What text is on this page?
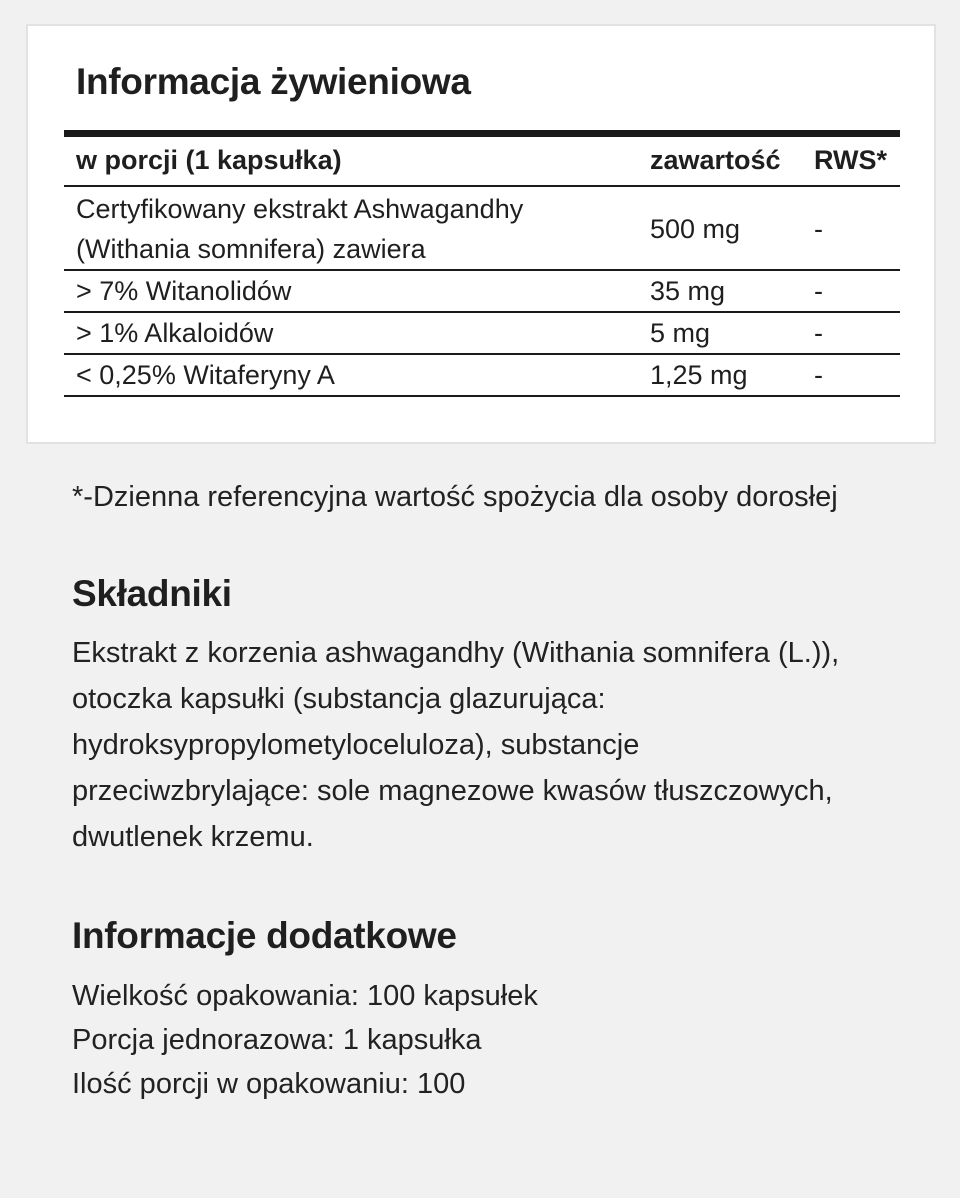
Informacja żywieniowa
w porcji (1 kapsułka)	zawartość	RWS*

Certyfikowany ekstrakt Ashwagandhy
(Withania somnifera) zawiera	500 mg	-
> 7% Witanolidów	35 mg	-
> 1% Alkaloidów	5 mg	-
< 0,25% Witaferyny A	1,25 mg	-

*-Dzienna referencyjna wartość spożycia dla osoby dorosłej

Składniki

Ekstrakt z korzenia ashwagandhy (Withania somnifera (L.)), otoczka kapsułki (substancja glazurująca: hydroksypropylometyloceluloza), substancje przeciwzbrylające: sole magnezowe kwasów tłuszczowych, dwutlenek krzemu.

Informacje dodatkowe
Wielkość opakowania: 100 kapsułek
Porcja jednorazowa: 1 kapsułka
Ilość porcji w opakowaniu: 100
